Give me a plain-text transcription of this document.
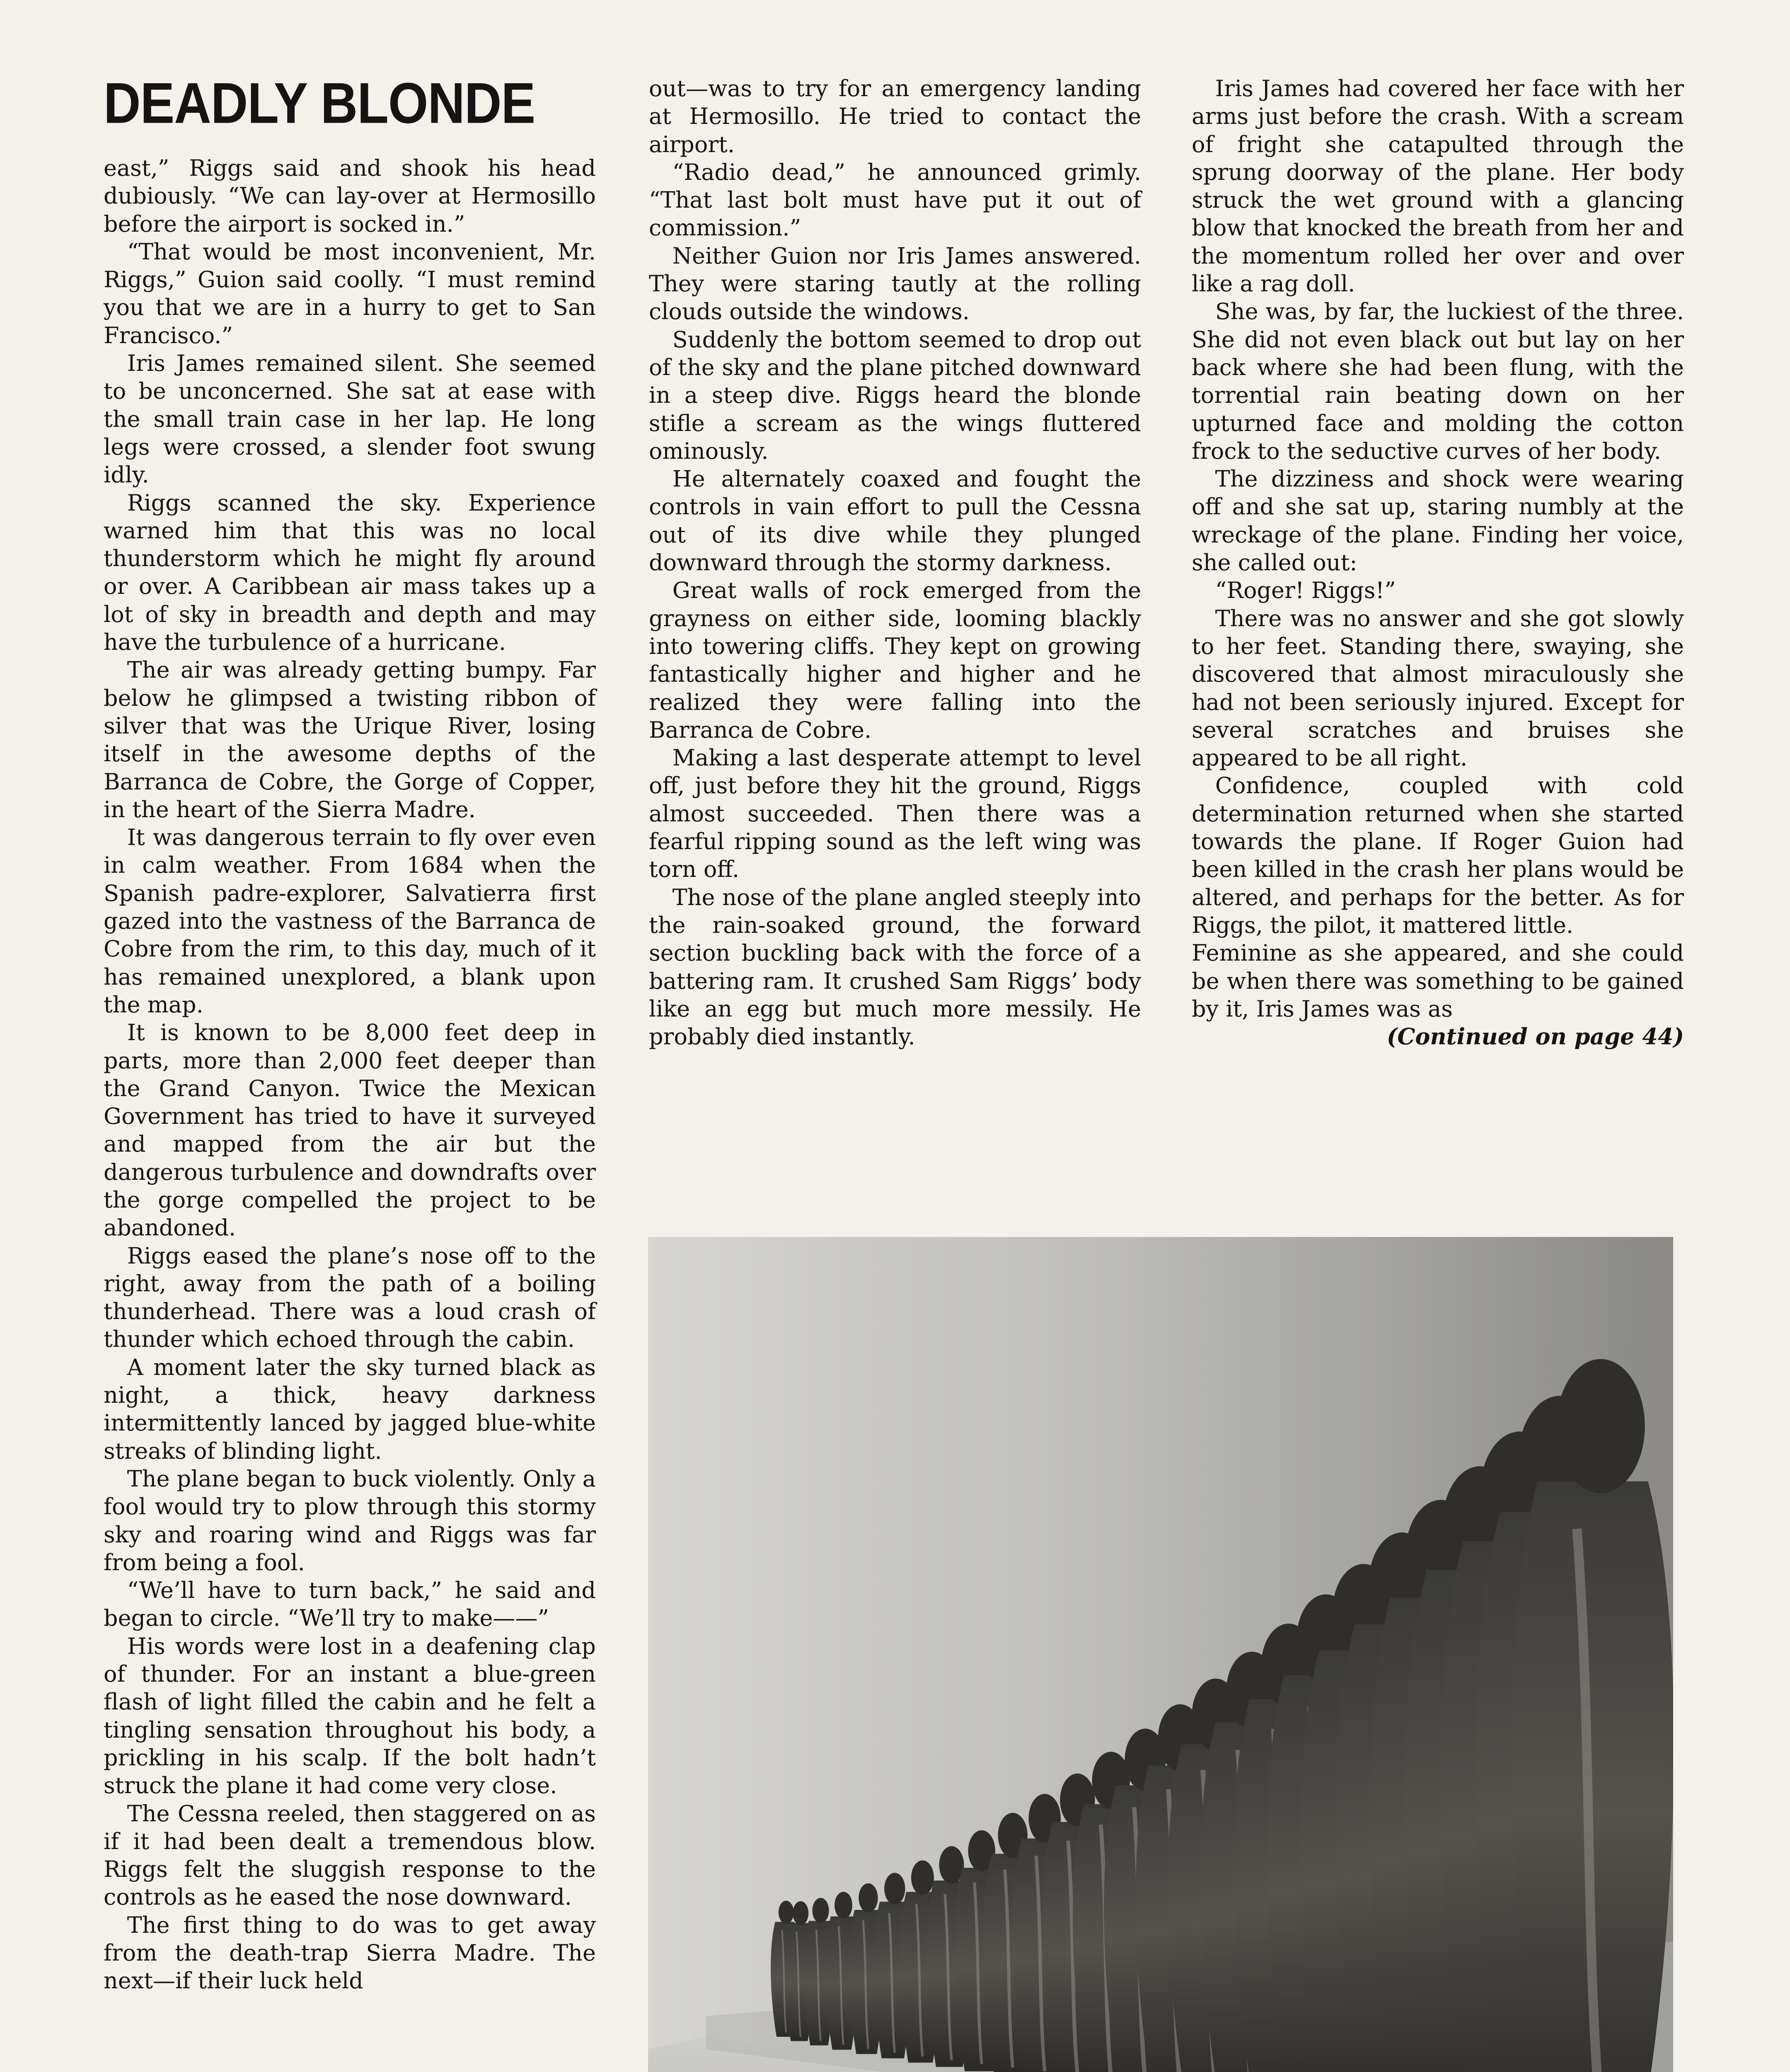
DEADLY BLONDE

east,” Riggs said and shook his head dubiously. “We can lay-over at Hermosillo before the airport is socked in.”

“That would be most inconvenient, Mr. Riggs,” Guion said coolly. “I must remind you that we are in a hurry to get to San Francisco.”

Iris James remained silent. She seemed to be unconcerned. She sat at ease with the small train case in her lap. He long legs were crossed, a slender foot swung idly.

Riggs scanned the sky. Experience warned him that this was no local thunderstorm which he might fly around or over. A Caribbean air mass takes up a lot of sky in breadth and depth and may have the turbulence of a hurricane.

The air was already getting bumpy. Far below he glimpsed a twisting ribbon of silver that was the Urique River, losing itself in the awesome depths of the Barranca de Cobre, the Gorge of Copper, in the heart of the Sierra Madre.

It was dangerous terrain to fly over even in calm weather. From 1684 when the Spanish padre-explorer, Salvatierra first gazed into the vastness of the Barranca de Cobre from the rim, to this day, much of it has remained unexplored, a blank upon the map.

It is known to be 8,000 feet deep in parts, more than 2,000 feet deeper than the Grand Canyon. Twice the Mexican Government has tried to have it surveyed and mapped from the air but the dangerous turbulence and downdrafts over the gorge compelled the project to be abandoned.

Riggs eased the plane’s nose off to the right, away from the path of a boiling thunderhead. There was a loud crash of thunder which echoed through the cabin.

A moment later the sky turned black as night, a thick, heavy darkness intermittently lanced by jagged blue-white streaks of blinding light.

The plane began to buck violently. Only a fool would try to plow through this stormy sky and roaring wind and Riggs was far from being a fool.

“We’ll have to turn back,” he said and began to circle. “We’ll try to make——”

His words were lost in a deafening clap of thunder. For an instant a blue-green flash of light filled the cabin and he felt a tingling sensation throughout his body, a prickling in his scalp. If the bolt hadn’t struck the plane it had come very close.

The Cessna reeled, then staggered on as if it had been dealt a tremendous blow. Riggs felt the sluggish response to the controls as he eased the nose downward.

The first thing to do was to get away from the death-trap Sierra Madre. The next—if their luck held

out—was to try for an emergency landing at Hermosillo. He tried to contact the airport.

“Radio dead,” he announced grimly. “That last bolt must have put it out of commission.”

Neither Guion nor Iris James answered. They were staring tautly at the rolling clouds outside the windows.

Suddenly the bottom seemed to drop out of the sky and the plane pitched downward in a steep dive. Riggs heard the blonde stifle a scream as the wings fluttered ominously.

He alternately coaxed and fought the controls in vain effort to pull the Cessna out of its dive while they plunged downward through the stormy darkness.

Great walls of rock emerged from the grayness on either side, looming blackly into towering cliffs. They kept on growing fantastically higher and higher and he realized they were falling into the Barranca de Cobre.

Making a last desperate attempt to level off, just before they hit the ground, Riggs almost succeeded. Then there was a fearful ripping sound as the left wing was torn off.

The nose of the plane angled steeply into the rain-soaked ground, the forward section buckling back with the force of a battering ram. It crushed Sam Riggs’ body like an egg but much more messily. He probably died instantly.

Iris James had covered her face with her arms just before the crash. With a scream of fright she catapulted through the sprung doorway of the plane. Her body struck the wet ground with a glancing blow that knocked the breath from her and the momentum rolled her over and over like a rag doll.

She was, by far, the luckiest of the three. She did not even black out but lay on her back where she had been flung, with the torrential rain beating down on her upturned face and molding the cotton frock to the seductive curves of her body.

The dizziness and shock were wearing off and she sat up, staring numbly at the wreckage of the plane. Finding her voice, she called out:

“Roger! Riggs!”

There was no answer and she got slowly to her feet. Standing there, swaying, she discovered that almost miraculously she had not been seriously injured. Except for several scratches and bruises she appeared to be all right.

Confidence, coupled with cold determination returned when she started towards the plane. If Roger Guion had been killed in the crash her plans would be altered, and perhaps for the better. As for Riggs, the pilot, it mattered little.

Feminine as she appeared, and she could be when there was something to be gained by it, Iris James was as
(Continued on page 44)
